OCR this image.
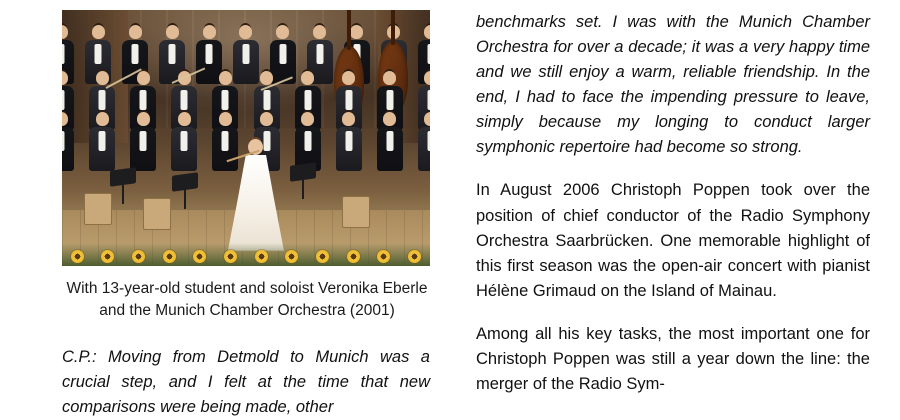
With 13-year-old student and soloist Veronika Eberle and the Munich Chamber Orchestra (2001)
C.P.: Moving from Detmold to Munich was a crucial step, and I felt at the time that new comparisons were being made, other

benchmarks set. I was with the Munich Chamber Orchestra for over a decade; it was a very happy time and we still enjoy a warm, reliable friendship. In the end, I had to face the impending pressure to leave, simply because my longing to conduct larger symphonic repertoire had become so strong.

In August 2006 Christoph Poppen took over the position of chief conductor of the Radio Symphony Orchestra Saarbrücken. One memorable highlight of this first season was the open-air concert with pianist Hélène Grimaud on the Island of Mainau.

Among all his key tasks, the most important one for Christoph Poppen was still a year down the line: the merger of the Radio Sym-
